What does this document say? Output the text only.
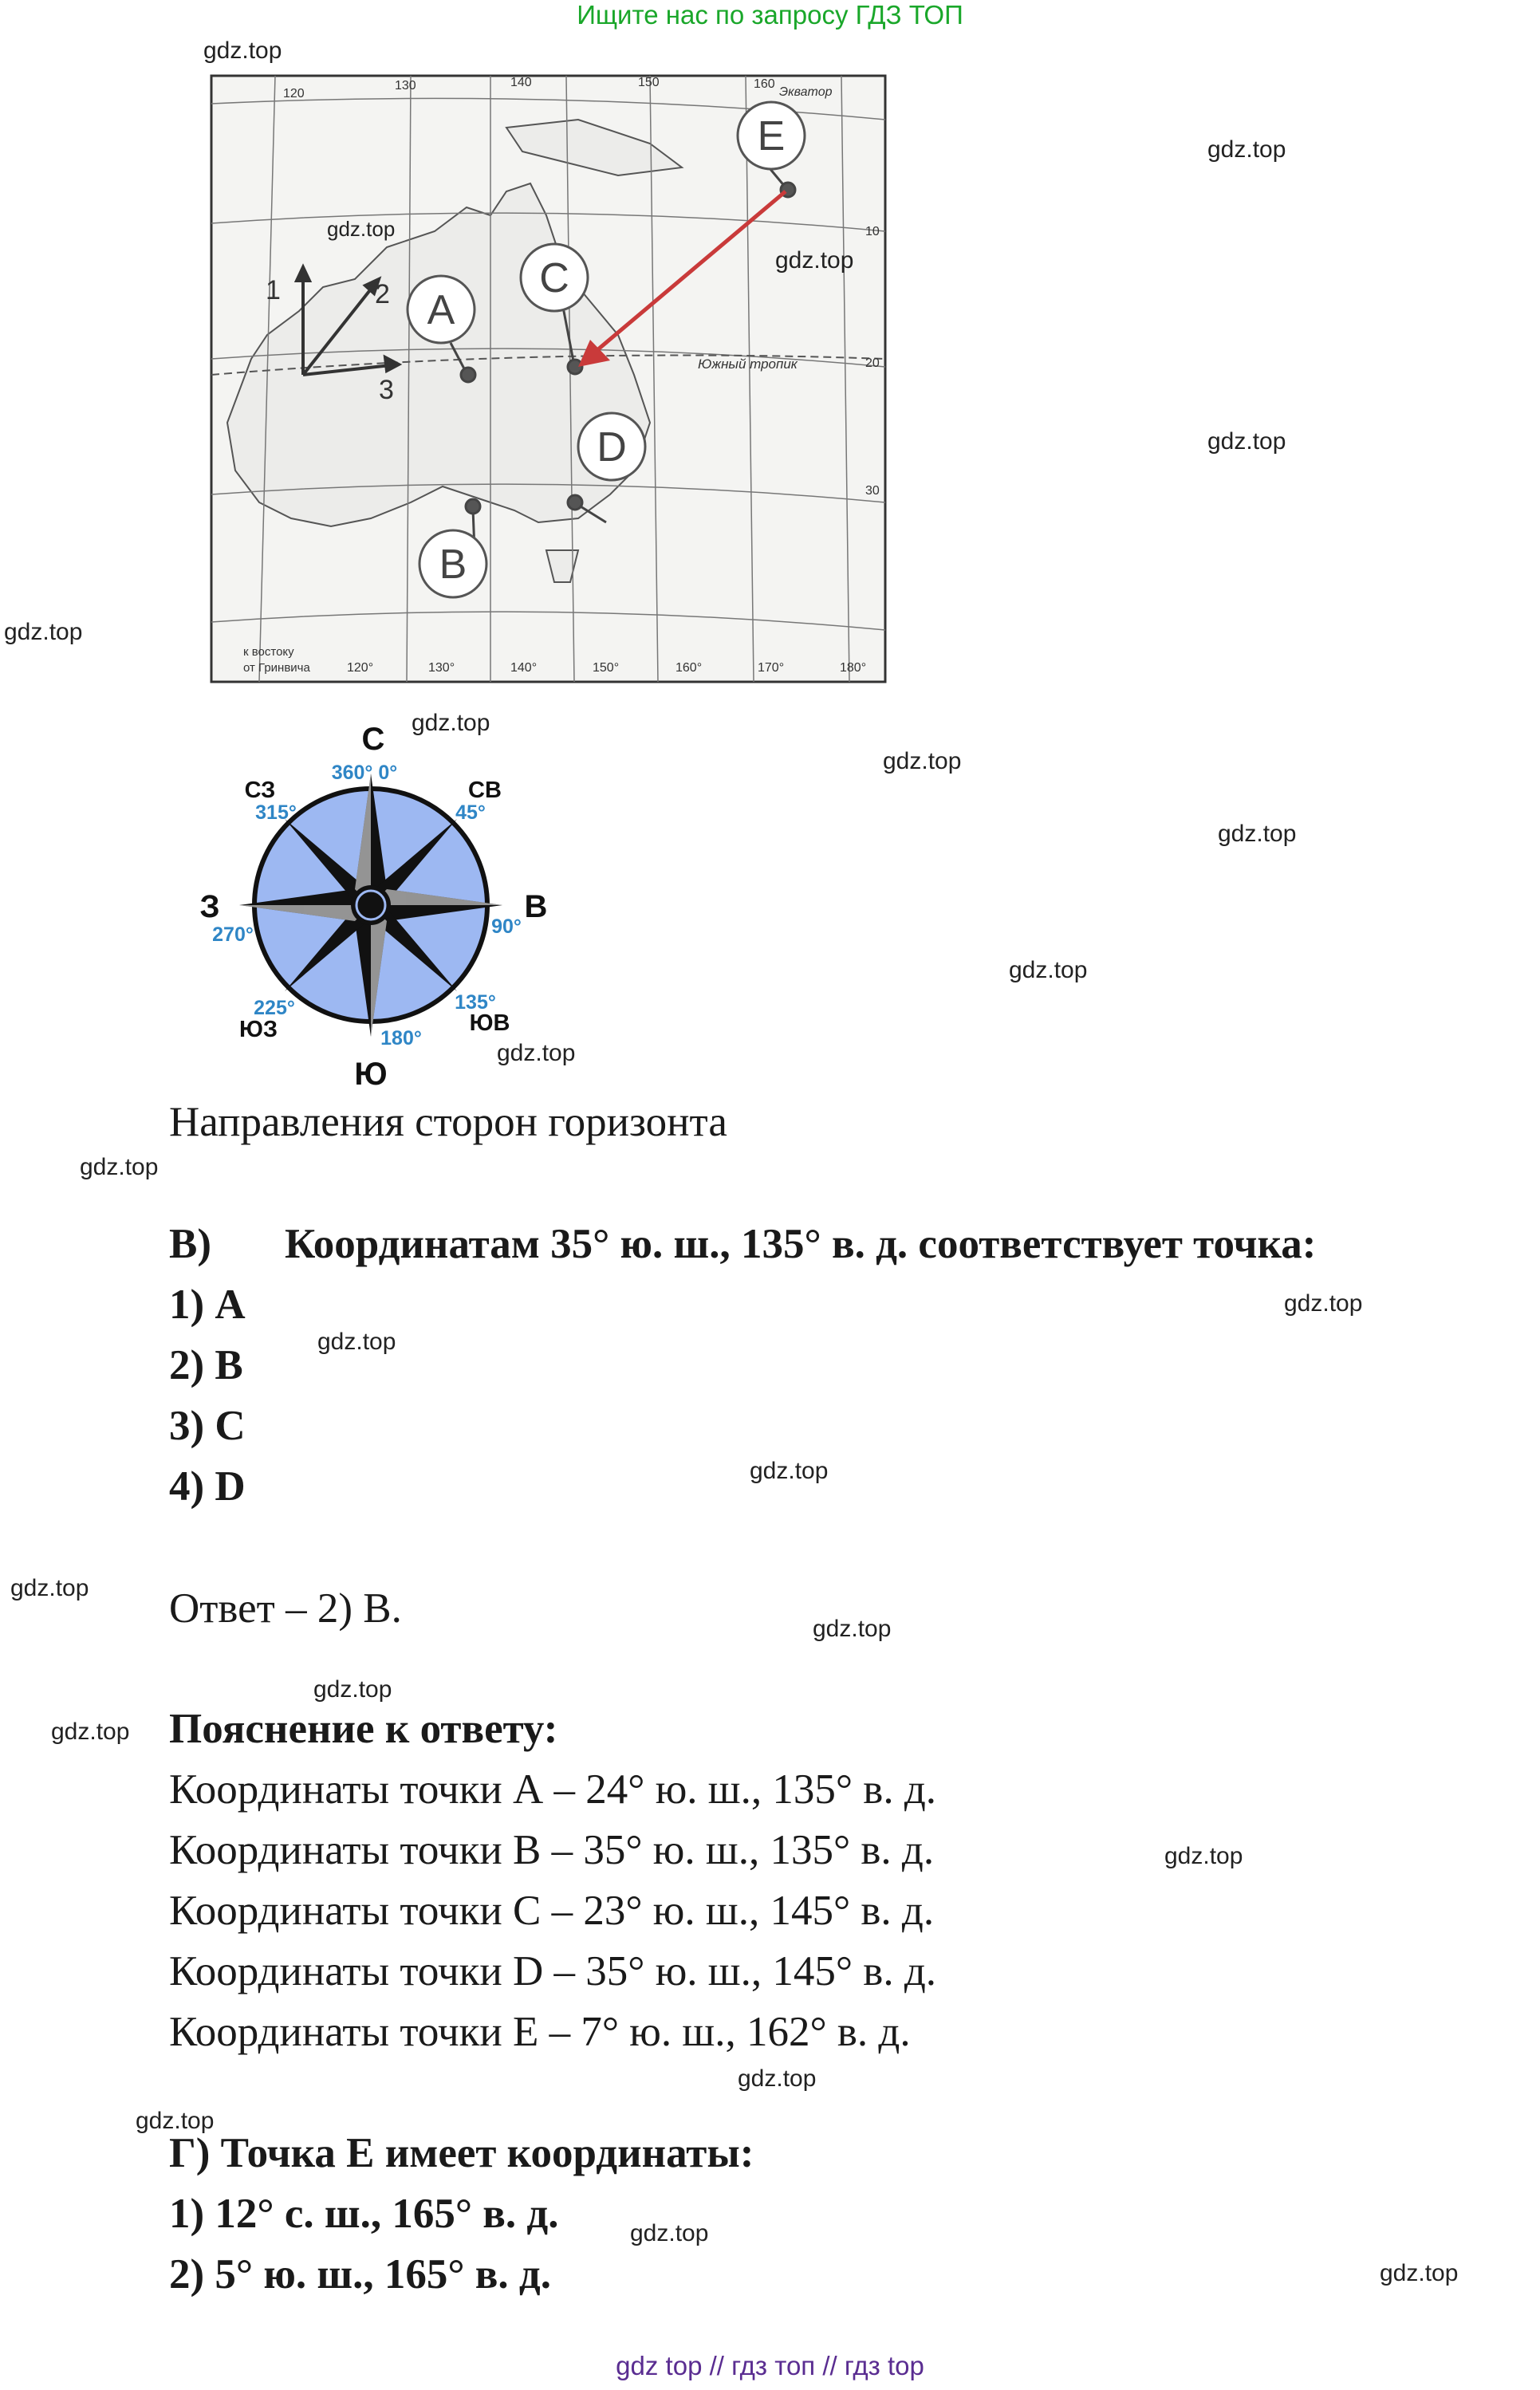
Ищите нас по запросу ГДЗ ТОП
gdz top // гдз топ // гдз top
120
130	140	150	160
Экватор
10
20
30
Южный тропик
к востоку
от Гринвича	120°	130°	140°	150°	160°	170°	180°
1	2
3
A
B
C
D
E
С
360° 0°
Ю
180°
З
270°
В
90°
СВ
45°
СЗ
315°
ЮВ
135°
ЮЗ
225°
Направления сторон горизонта
В) Координатам 35° ю. ш., 135° в. д. соответствует точка:
1) А
2) В
3) С
4) D
Ответ – 2) В.
Пояснение к ответу:
Координаты точки А – 24° ю. ш., 135° в. д.
Координаты точки В – 35° ю. ш., 135° в. д.
Координаты точки С – 23° ю. ш., 145° в. д.
Координаты точки D – 35° ю. ш., 145° в. д.
Координаты точки Е – 7° ю. ш., 162° в. д.
Г) Точка Е имеет координаты:
1) 12° с. ш., 165° в. д.
2) 5° ю. ш., 165° в. д.
gdz.top
gdz.top
gdz.top
gdz.top
gdz.top
gdz.top
gdz.top
gdz.top
gdz.top
gdz.top
gdz.top
gdz.top
gdz.top
gdz.top
gdz.top
gdz.top
gdz.top
gdz.top
gdz.top
gdz.top
gdz.top
gdz.top
gdz.top
gdz.top
